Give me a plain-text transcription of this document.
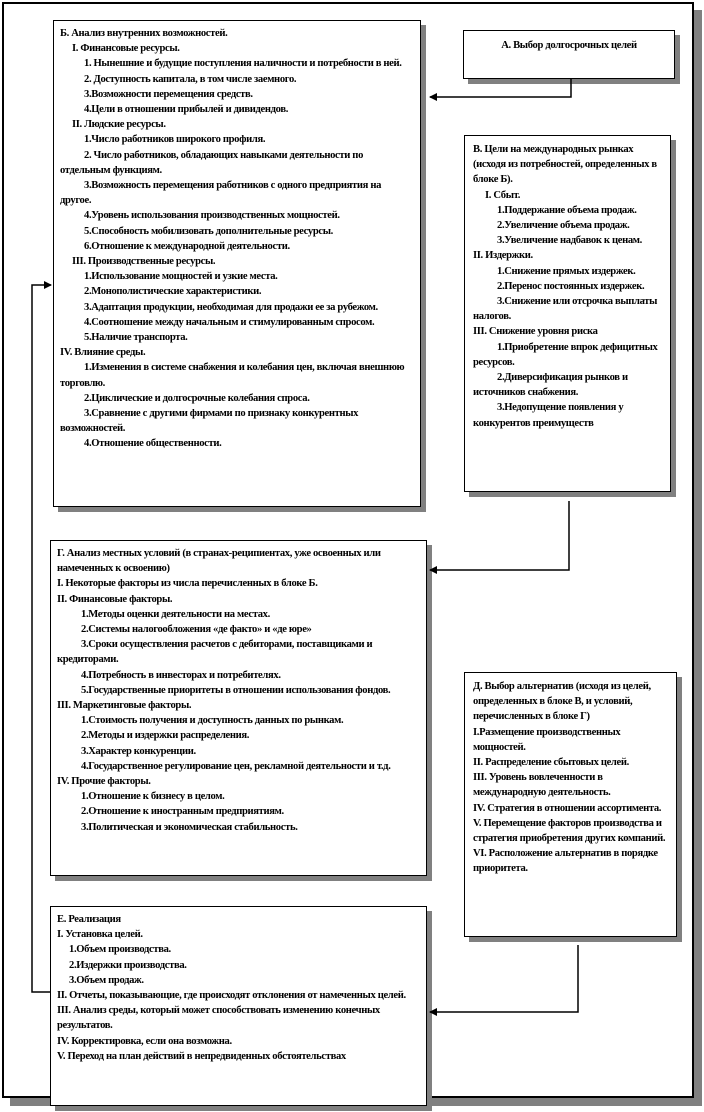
А. Выбор долгосрочных целей
Б. Анализ внутренних возможностей.
I. Финансовые ресурсы.
1. Нынешние и будущие поступления наличности и потребности в ней.
2. Доступность капитала, в том числе заемного.
3.Возможности перемещения средств.
4.Цели в отношении прибылей и дивидендов.
II. Людские ресурсы.
1.Число работников широкого профиля.
2. Число работников, обладающих навыками деятельности по отдельным функциям.
3.Возможность перемещения работников с одного предприятия на другое.
4.Уровень использования производственных мощностей.
5.Способность мобилизовать дополнительные ресурсы.
6.Отношение к международной деятельности.
III. Производственные ресурсы.
1.Использование мощностей и узкие места.
2.Монополистические характеристики.
3.Адаптация продукции, необходимая для продажи ее за рубежом.
4.Соотношение между начальным и стимулированным спросом.
5.Наличие транспорта.
IV. Влияние среды.
1.Изменения в системе снабжения и колебания цен, включая внешнюю торговлю.
2.Циклические и долгосрочные колебания спроса.
3.Сравнение с другими фирмами по признаку конкурентных возможностей.
4.Отношение общественности.
В. Цели на международных рынках (исходя из потребностей, определенных в блоке Б).
I. Сбыт.
1.Поддержание объема продаж.
2.Увеличение объема продаж.
3.Увеличение надбавок к ценам.
II. Издержки.
1.Снижение прямых издержек.
2.Перенос постоянных издержек.
3.Снижение или отсрочка выплаты налогов.
III. Снижение уровня риска
1.Приобретение впрок дефицитных ресурсов.
2.Диверсификация рынков и источников снабжения.
3.Недопущение появления у конкурентов преимуществ
Г. Анализ местных условий (в странах-реципиентах, уже освоенных или намеченных к освоению)
I. Некоторые факторы из числа перечисленных в блоке Б.
II. Финансовые факторы.
1.Методы оценки деятельности на местах.
2.Системы налогообложения «де факто» и «де юре»
3.Сроки осуществления расчетов с дебиторами, поставщиками и кредиторами.
4.Потребность в инвесторах и потребителях.
5.Государственные приоритеты в отношении использования фондов.
III. Маркетинговые факторы.
1.Стоимость получения и доступность данных по рынкам.
2.Методы и издержки распределения.
3.Характер конкуренции.
4.Государственное регулирование цен, рекламной деятельности и т.д.
IV. Прочие факторы.
1.Отношение к бизнесу в целом.
2.Отношение к иностранным предприятиям.
3.Политическая и экономическая стабильность.
Д. Выбор альтернатив (исходя из целей, определенных в блоке В, и условий, перечисленных в блоке Г)
I.Размещение производственных мощностей.
II. Распределение сбытовых целей.
III. Уровень вовлеченности в международную деятельность.
IV. Стратегия в отношении ассортимента.
V. Перемещение факторов производства и стратегия приобретения других компаний.
VI. Расположение альтернатив в порядке приоритета.
Е. Реализация
I. Установка целей.
1.Объем производства.
2.Издержки производства.
3.Объем продаж.
II. Отчеты, показывающие, где происходят отклонения от намеченных целей.
III. Анализ среды, который может способствовать изменению конечных результатов.
IV. Корректировка, если она возможна.
V. Переход на план действий в непредвиденных обстоятельствах
